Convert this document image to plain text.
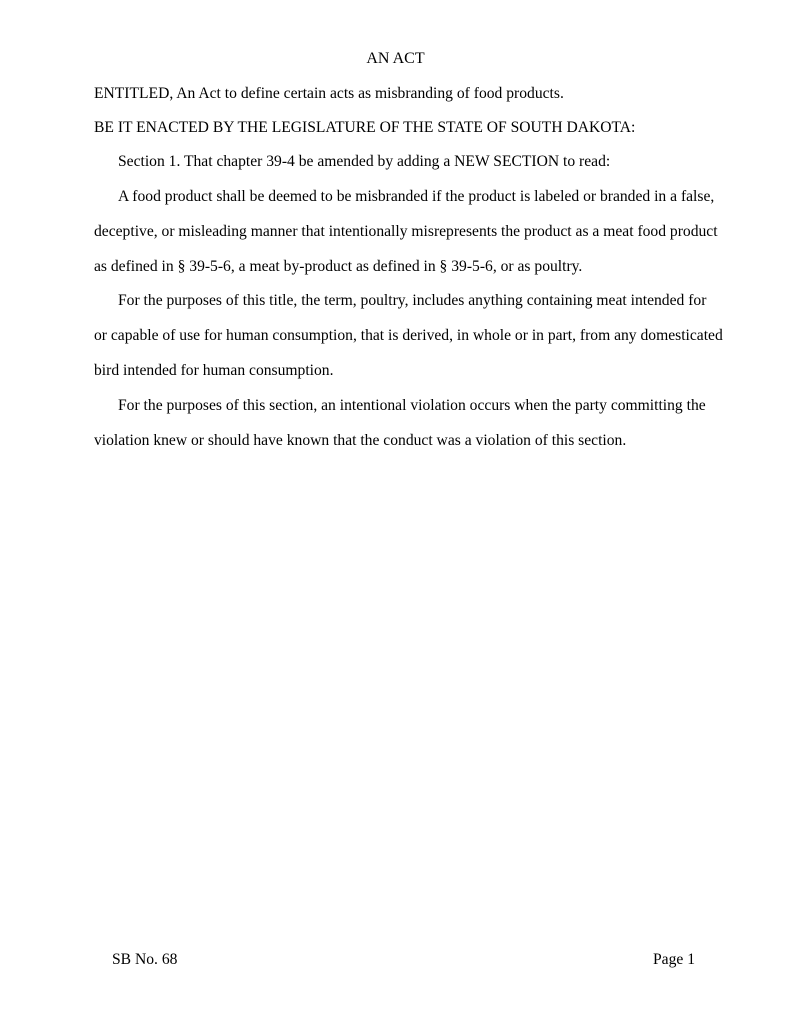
AN ACT
ENTITLED, An Act to define certain acts as misbranding of food products.
BE IT ENACTED BY THE LEGISLATURE OF THE STATE OF SOUTH DAKOTA:
Section 1. That chapter 39-4 be amended by adding a NEW SECTION to read:
A food product shall be deemed to be misbranded if the product is labeled or branded in a false,
deceptive, or misleading manner that intentionally misrepresents the product as a meat food product
as defined in § 39-5-6, a meat by-product as defined in § 39-5-6, or as poultry.
For the purposes of this title, the term, poultry, includes anything containing meat intended for
or capable of use for human consumption, that is derived, in whole or in part, from any domesticated
bird intended for human consumption.
For the purposes of this section, an intentional violation occurs when the party committing the
violation knew or should have known that the conduct was a violation of this section.
SB No. 68	Page 1
